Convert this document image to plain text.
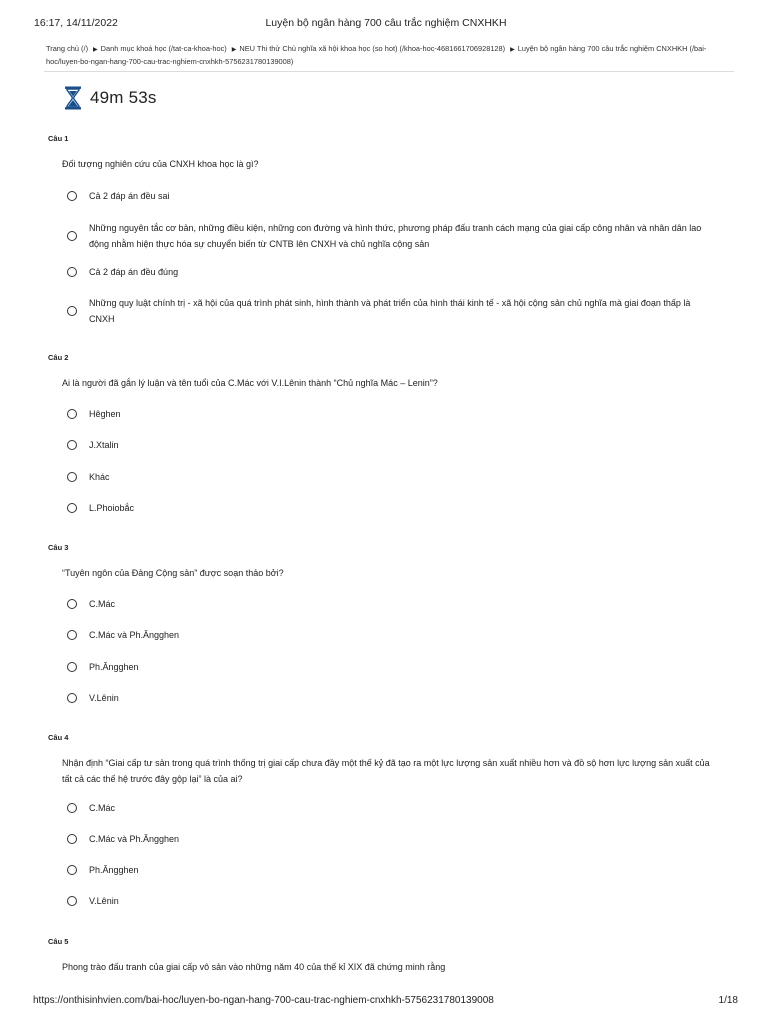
16:17, 14/11/2022	Luyện bộ ngân hàng 700 câu trắc nghiệm CNXHKH
Trang chủ (/) ▶ Danh mục khoá học (/tat-ca-khoa-hoc) ▶ NEU Thi thử Chủ nghĩa xã hội khoa học (so hot) (/khoa-hoc-4681661706928128) ▶ Luyện bộ ngân hàng 700 câu trắc nghiệm CNXHKH (/bai-hoc/luyen-bo-ngan-hang-700-cau-trac-nghiem-cnxhkh-5756231780139008)
49m 53s
Câu 1
Đối tượng nghiên cứu của CNXH khoa học là gì?
Cả 2 đáp án đều sai
Những nguyên tắc cơ bản, những điều kiện, những con đường và hình thức, phương pháp đấu tranh cách mạng của giai cấp công nhân và nhân dân lao động nhằm hiện thực hóa sự chuyển biến từ CNTB lên CNXH và chủ nghĩa cộng sản
Cả 2 đáp án đều đúng
Những quy luật chính trị - xã hội của quá trình phát sinh, hình thành và phát triển của hình thái kinh tế - xã hội cộng sản chủ nghĩa mà giai đoạn thấp là CNXH
Câu 2
Ai là người đã gắn lý luận và tên tuổi của C.Mác với V.I.Lênin thành “Chủ nghĩa Mác – Lenin”?
Hêghen
J.Xtalin
Khác
L.Phoiobắc
Câu 3
“Tuyên ngôn của Đảng Cộng sản” được soạn thảo bởi?
C.Mác
C.Mác và Ph.Ăngghen
Ph.Ăngghen
V.Lênin
Câu 4
Nhận định “Giai cấp tư sản trong quá trình thống trị giai cấp chưa đầy một thế kỷ đã tạo ra một lực lượng sản xuất nhiều hơn và đồ sộ hơn lực lượng sản xuất của tất cả các thế hệ trước đây gộp lại” là của ai?
C.Mác
C.Mác và Ph.Ăngghen
Ph.Ăngghen
V.Lênin
Câu 5
Phong trào đấu tranh của giai cấp vô sản vào những năm 40 của thế kỉ XIX đã chứng minh rằng
https://onthisinhvien.com/bai-hoc/luyen-bo-ngan-hang-700-cau-trac-nghiem-cnxhkh-5756231780139008	1/18
